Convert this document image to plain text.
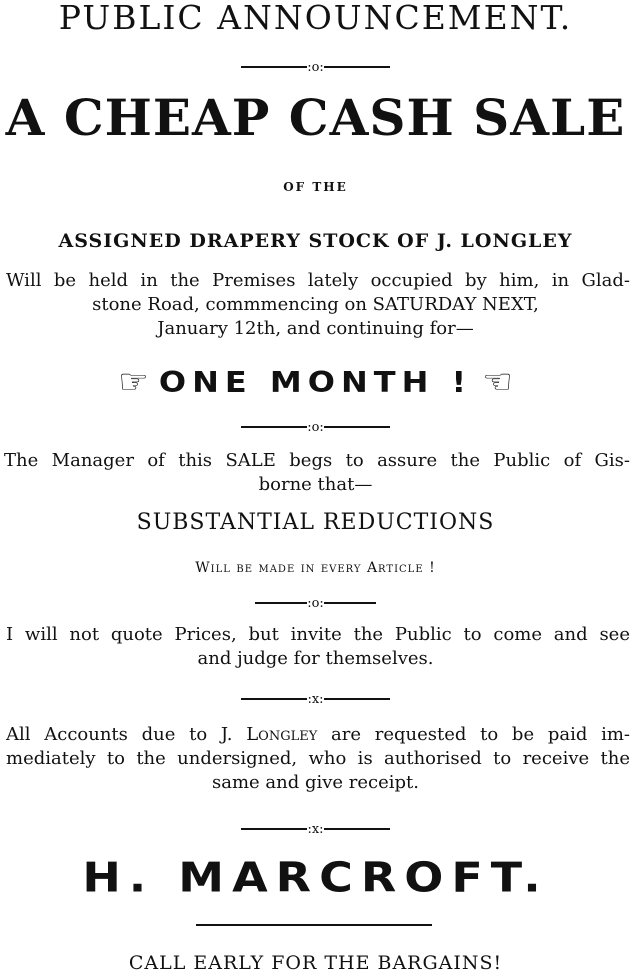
PUBLIC ANNOUNCEMENT.
:o:
A CHEAP CASH SALE
OF THE
ASSIGNED DRAPERY STOCK OF J. LONGLEY
Will be held in the Premises lately occupied by him, in Glad-
stone Road, commmencing on SATURDAY NEXT,
January 12th, and continuing for—
☞ ONE MONTH ! ☜
:o:
The Manager of this SALE begs to assure the Public of Gis-
borne that—
SUBSTANTIAL REDUCTIONS
Will be made in every Article !
:o:
I will not quote Prices, but invite the Public to come and see
and judge for themselves.
:x:
All Accounts due to J. Longley are requested to be paid im-
mediately to the undersigned, who is authorised to receive the
same and give receipt.
:x:
H. MARCROFT.
CALL EARLY FOR THE BARGAINS!
